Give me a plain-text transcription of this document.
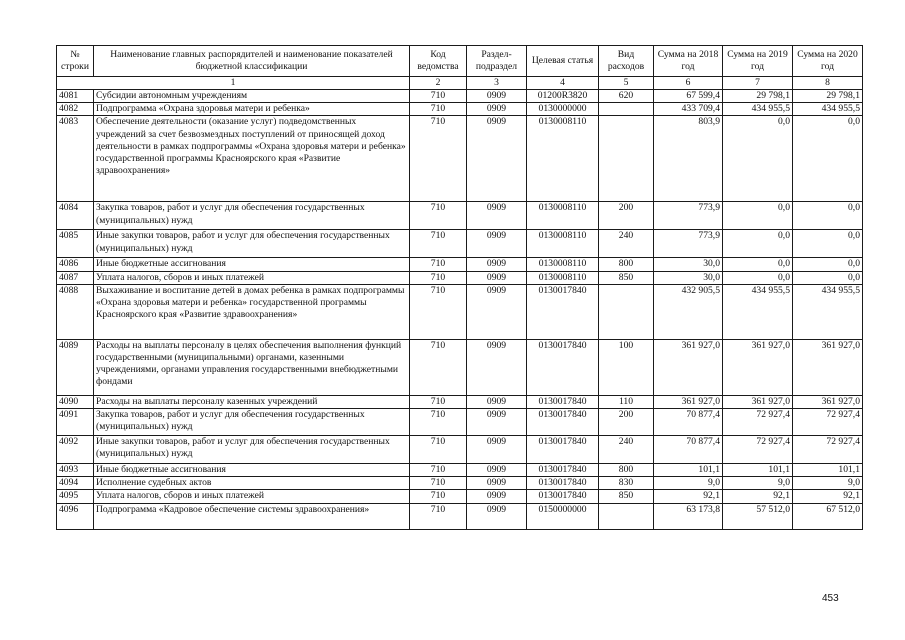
№ строки	Наименование главных распорядителей и наименование показателей бюджетной классификации	Код ведомства	Раздел-подраздел	Целевая статья	Вид расходов	Сумма на 2018 год	Сумма на 2019 год	Сумма на 2020 год
1		2	3	4	5	6	7	8
4081	Субсидии автономным учреждениям	710	0909	01200R3820	620	67 599,4	29 798,1	29 798,1
4082	Подпрограмма «Охрана здоровья матери и ребенка»	710	0909	0130000000		433 709,4	434 955,5	434 955,5
4083	Обеспечение деятельности (оказание услуг) подведомственных учреждений за счет безвозмездных поступлений от приносящей доход деятельности в рамках подпрограммы «Охрана здоровья матери и ребенка» государственной программы Красноярского края «Развитие здравоохранения»	710	0909	0130008110		803,9	0,0	0,0
4084	Закупка товаров, работ и услуг для обеспечения государственных (муниципальных) нужд	710	0909	0130008110	200	773,9	0,0	0,0
4085	Иные закупки товаров, работ и услуг для обеспечения государственных (муниципальных) нужд	710	0909	0130008110	240	773,9	0,0	0,0
4086	Иные бюджетные ассигнования	710	0909	0130008110	800	30,0	0,0	0,0
4087	Уплата налогов, сборов и иных платежей	710	0909	0130008110	850	30,0	0,0	0,0
4088	Выхаживание и воспитание детей в домах ребенка в рамках подпрограммы «Охрана здоровья матери и ребенка» государственной программы Красноярского края «Развитие здравоохранения»	710	0909	0130017840		432 905,5	434 955,5	434 955,5
4089	Расходы на выплаты персоналу в целях обеспечения выполнения функций государственными (муниципальными) органами, казенными учреждениями, органами управления государственными внебюджетными фондами	710	0909	0130017840	100	361 927,0	361 927,0	361 927,0
4090	Расходы на выплаты персоналу казенных учреждений	710	0909	0130017840	110	361 927,0	361 927,0	361 927,0
4091	Закупка товаров, работ и услуг для обеспечения государственных (муниципальных) нужд	710	0909	0130017840	200	70 877,4	72 927,4	72 927,4
4092	Иные закупки товаров, работ и услуг для обеспечения государственных (муниципальных) нужд	710	0909	0130017840	240	70 877,4	72 927,4	72 927,4
4093	Иные бюджетные ассигнования	710	0909	0130017840	800	101,1	101,1	101,1
4094	Исполнение судебных актов	710	0909	0130017840	830	9,0	9,0	9,0
4095	Уплата налогов, сборов и иных платежей	710	0909	0130017840	850	92,1	92,1	92,1
4096	Подпрограмма «Кадровое обеспечение системы здравоохранения»	710	0909	0150000000		63 173,8	57 512,0	67 512,0
453
